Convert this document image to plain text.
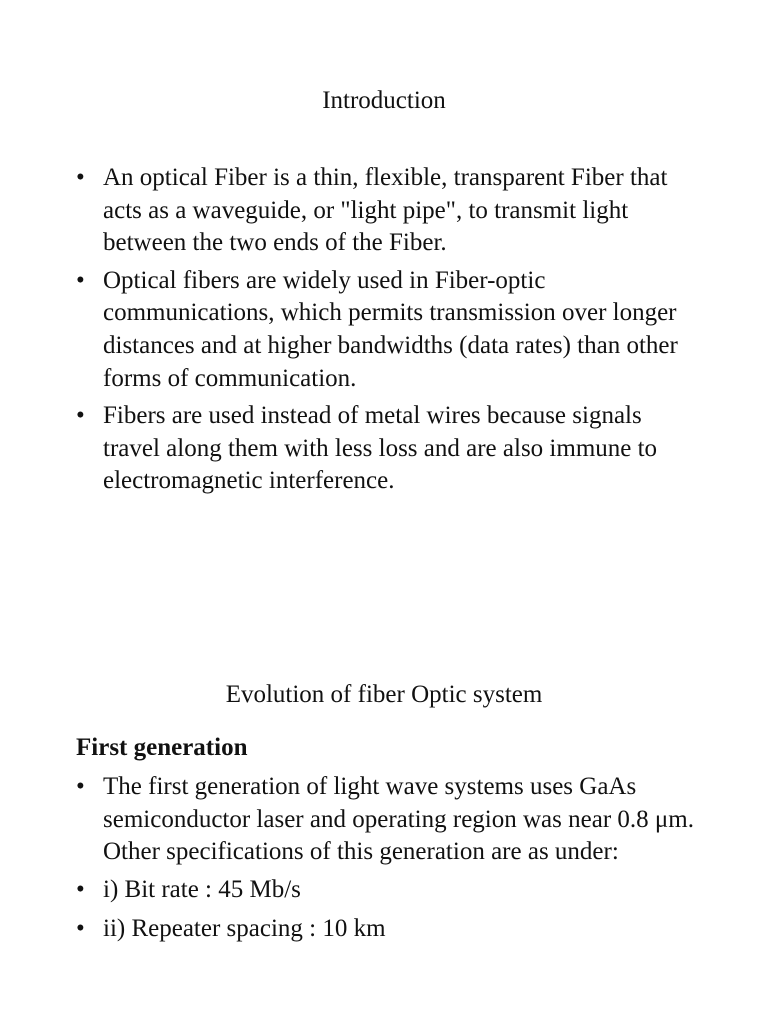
Introduction
• An optical Fiber is a thin, flexible, transparent Fiber that acts as a waveguide, or "light pipe", to transmit light between the two ends of the Fiber.
• Optical fibers are widely used in Fiber-optic communications, which permits transmission over longer distances and at higher bandwidths (data rates) than other forms of communication.
• Fibers are used instead of metal wires because signals travel along them with less loss and are also immune to electromagnetic interference.
Evolution of fiber Optic system
First generation
• The first generation of light wave systems uses GaAs semiconductor laser and operating region was near 0.8 μm. Other specifications of this generation are as under:
• i) Bit rate : 45 Mb/s
• ii) Repeater spacing : 10 km
